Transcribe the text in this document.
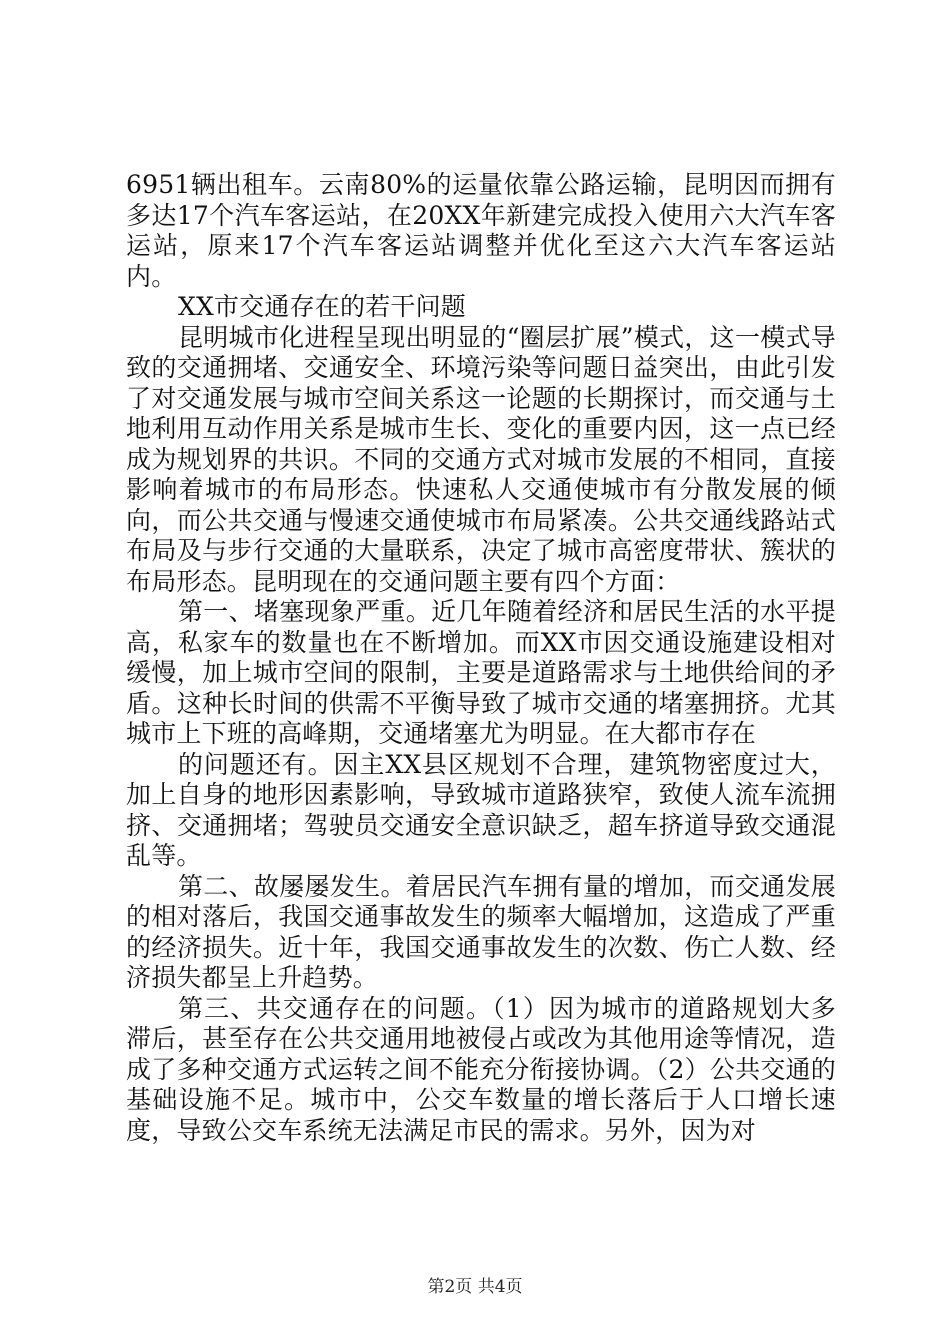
6951辆出租车。云南80%的运量依靠公路运输，昆明因而拥有多达17个汽车客运站，在20XX年新建完成投入使用六大汽车客运站，原来17个汽车客运站调整并优化至这六大汽车客运站内。

XX市交通存在的若干问题

昆明城市化进程呈现出明显的“圈层扩展”模式，这一模式导致的交通拥堵、交通安全、环境污染等问题日益突出，由此引发了对交通发展与城市空间关系这一论题的长期探讨，而交通与土地利用互动作用关系是城市生长、变化的重要内因，这一点已经成为规划界的共识。不同的交通方式对城市发展的不相同，直接影响着城市的布局形态。快速私人交通使城市有分散发展的倾向，而公共交通与慢速交通使城市布局紧凑。公共交通线路站式布局及与步行交通的大量联系，决定了城市高密度带状、簇状的布局形态。昆明现在的交通问题主要有四个方面：

第一、堵塞现象严重。近几年随着经济和居民生活的水平提高，私家车的数量也在不断增加。而XX市因交通设施建设相对缓慢，加上城市空间的限制，主要是道路需求与土地供给间的矛盾。这种长时间的供需不平衡导致了城市交通的堵塞拥挤。尤其城市上下班的高峰期，交通堵塞尤为明显。在大都市存在

的问题还有。因主XX县区规划不合理，建筑物密度过大，加上自身的地形因素影响，导致城市道路狭窄，致使人流车流拥挤、交通拥堵；驾驶员交通安全意识缺乏，超车挤道导致交通混乱等。

第二、故屡屡发生。着居民汽车拥有量的增加，而交通发展的相对落后，我国交通事故发生的频率大幅增加，这造成了严重的经济损失。近十年，我国交通事故发生的次数、伤亡人数、经济损失都呈上升趋势。

第三、共交通存在的问题。（1）因为城市的道路规划大多滞后，甚至存在公共交通用地被侵占或改为其他用途等情况，造成了多种交通方式运转之间不能充分衔接协调。（2）公共交通的基础设施不足。城市中，公交车数量的增长落后于人口增长速度，导致公交车系统无法满足市民的需求。另外，因为对

第2页 共4页
